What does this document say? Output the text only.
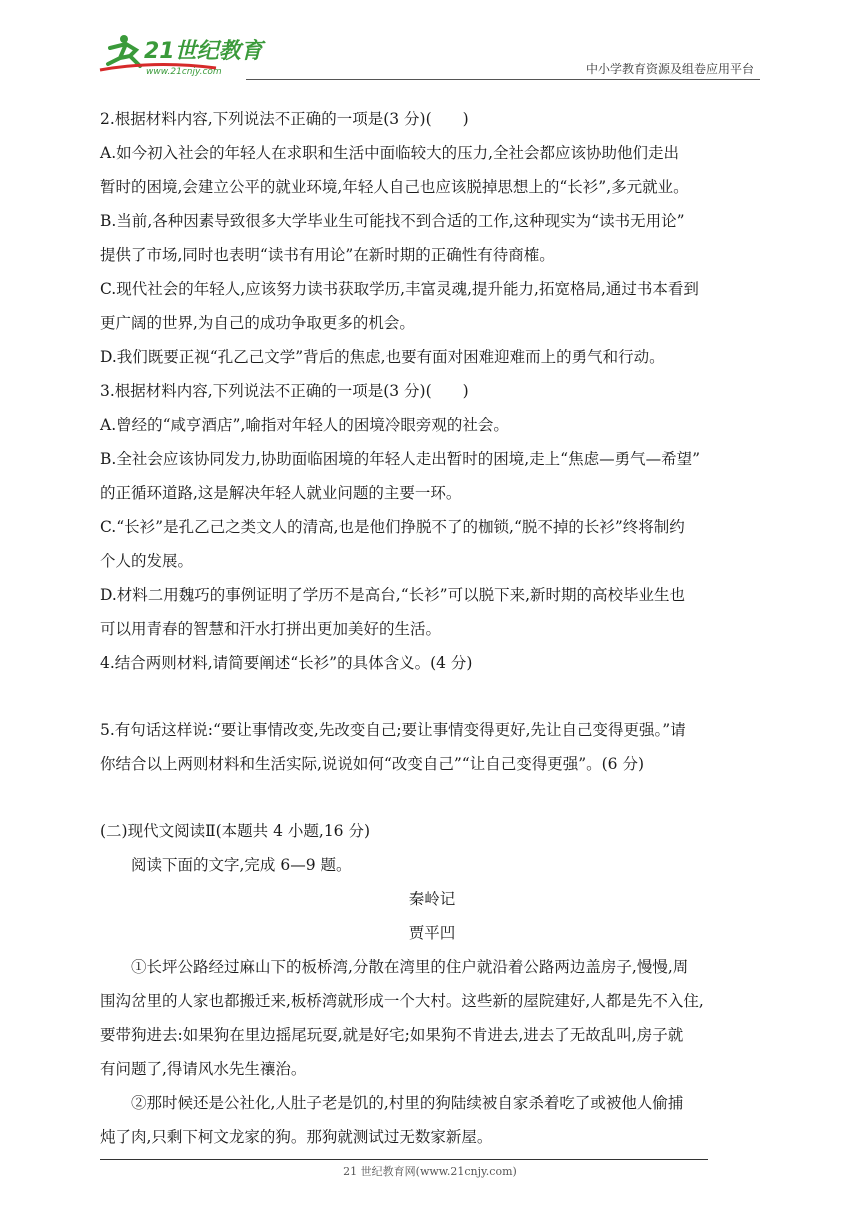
21世纪教育
www.21cnjy.com	中小学教育资源及组卷应用平台

2.根据材料内容,下列说法不正确的一项是(3 分)(　　)

A.如今初入社会的年轻人在求职和生活中面临较大的压力,全社会都应该协助他们走出

暂时的困境,会建立公平的就业环境,年轻人自己也应该脱掉思想上的“长衫”,多元就业。

B.当前,各种因素导致很多大学毕业生可能找不到合适的工作,这种现实为“读书无用论”

提供了市场,同时也表明“读书有用论”在新时期的正确性有待商榷。

C.现代社会的年轻人,应该努力读书获取学历,丰富灵魂,提升能力,拓宽格局,通过书本看到

更广阔的世界,为自己的成功争取更多的机会。

D.我们既要正视“孔乙己文学”背后的焦虑,也要有面对困难迎难而上的勇气和行动。

3.根据材料内容,下列说法不正确的一项是(3 分)(　　)

A.曾经的“咸亨酒店”,喻指对年轻人的困境冷眼旁观的社会。

B.全社会应该协同发力,协助面临困境的年轻人走出暂时的困境,走上“焦虑—勇气—希望”

的正循环道路,这是解决年轻人就业问题的主要一环。

C.“长衫”是孔乙己之类文人的清高,也是他们挣脱不了的枷锁,“脱不掉的长衫”终将制约

个人的发展。

D.材料二用魏巧的事例证明了学历不是高台,“长衫”可以脱下来,新时期的高校毕业生也

可以用青春的智慧和汗水打拼出更加美好的生活。

4.结合两则材料,请简要阐述“长衫”的具体含义。(4 分)

5.有句话这样说:“要让事情改变,先改变自己;要让事情变得更好,先让自己变得更强。”请

你结合以上两则材料和生活实际,说说如何“改变自己”“让自己变得更强”。(6 分)

(二)现代文阅读Ⅱ(本题共 4 小题,16 分)

阅读下面的文字,完成 6—9 题。

秦岭记

贾平凹

①长坪公路经过麻山下的板桥湾,分散在湾里的住户就沿着公路两边盖房子,慢慢,周

围沟岔里的人家也都搬迁来,板桥湾就形成一个大村。这些新的屋院建好,人都是先不入住,

要带狗进去:如果狗在里边摇尾玩耍,就是好宅;如果狗不肯进去,进去了无故乱叫,房子就

有问题了,得请风水先生禳治。

②那时候还是公社化,人肚子老是饥的,村里的狗陆续被自家杀着吃了或被他人偷捕

炖了肉,只剩下柯文龙家的狗。那狗就测试过无数家新屋。

21 世纪教育网(www.21cnjy.com)
